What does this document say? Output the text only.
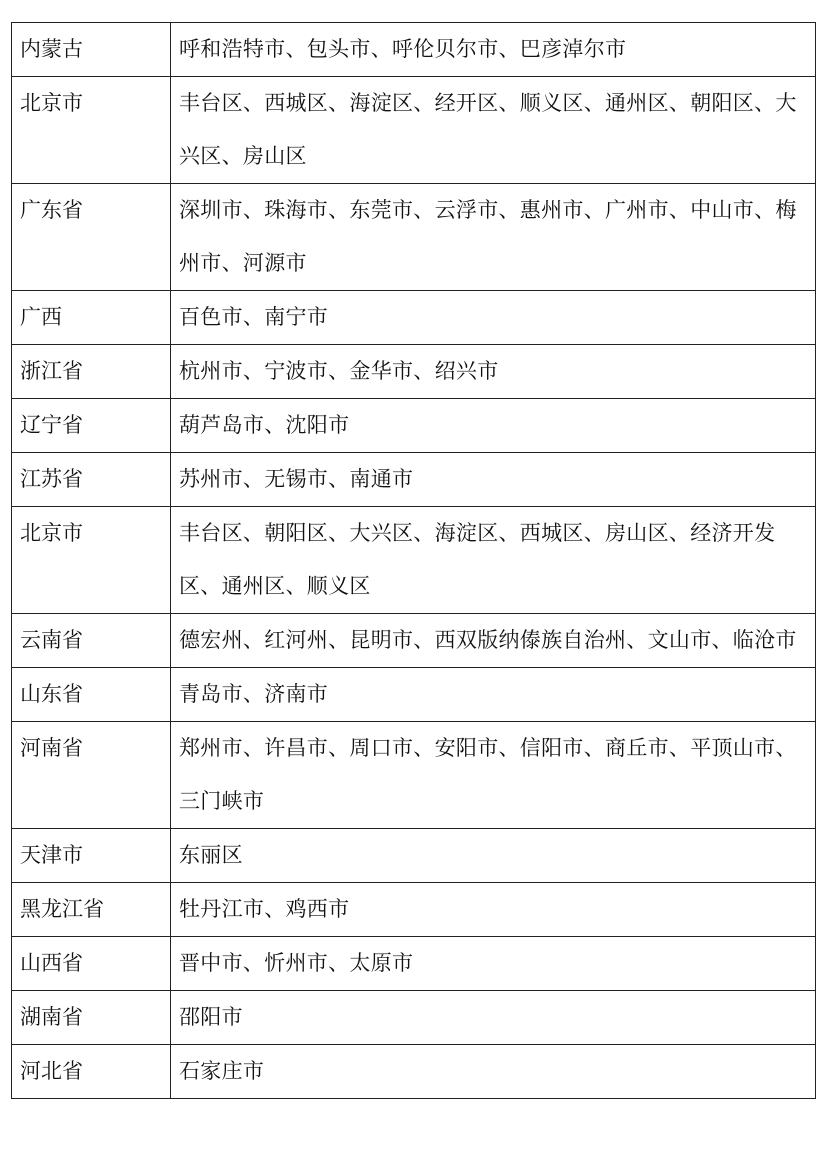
内蒙古	呼和浩特市、包头市、呼伦贝尔市、巴彦淖尔市
北京市	丰台区、西城区、海淀区、经开区、顺义区、通州区、朝阳区、大兴区、房山区
广东省	深圳市、珠海市、东莞市、云浮市、惠州市、广州市、中山市、梅州市、河源市
广西	百色市、南宁市
浙江省	杭州市、宁波市、金华市、绍兴市
辽宁省	葫芦岛市、沈阳市
江苏省	苏州市、无锡市、南通市
北京市	丰台区、朝阳区、大兴区、海淀区、西城区、房山区、经济开发区、通州区、顺义区
云南省	德宏州、红河州、昆明市、西双版纳傣族自治州、文山市、临沧市
山东省	青岛市、济南市
河南省	郑州市、许昌市、周口市、安阳市、信阳市、商丘市、平顶山市、三门峡市
天津市	东丽区
黑龙江省	牡丹江市、鸡西市
山西省	晋中市、忻州市、太原市
湖南省	邵阳市
河北省	石家庄市
